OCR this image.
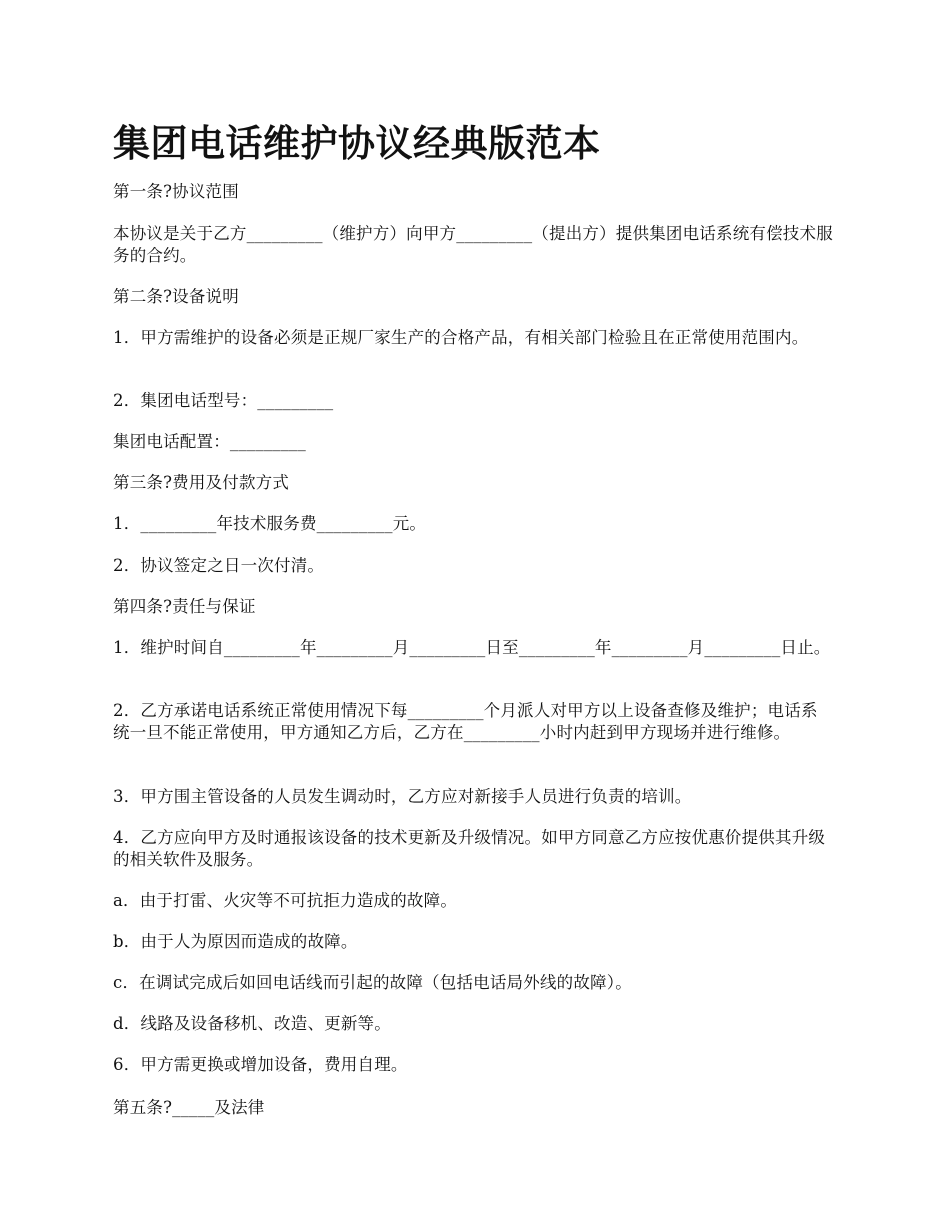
集团电话维护协议经典版范本

第一条?协议范围

本协议是关于乙方_________（维护方）向甲方_________（提出方）提供集团电话系统有偿技术服务的合约。

第二条?设备说明

1．甲方需维护的设备必须是正规厂家生产的合格产品，有相关部门检验且在正常使用范围内。

2．集团电话型号：_________

集团电话配置：_________

第三条?费用及付款方式

1．_________年技术服务费_________元。

2．协议签定之日一次付清。

第四条?责任与保证

1．维护时间自_________年_________月_________日至_________年_________月_________日止。

2．乙方承诺电话系统正常使用情况下每_________个月派人对甲方以上设备查修及维护；电话系统一旦不能正常使用，甲方通知乙方后，乙方在_________小时内赶到甲方现场并进行维修。

3．甲方围主管设备的人员发生调动时，乙方应对新接手人员进行负责的培训。

4．乙方应向甲方及时通报该设备的技术更新及升级情况。如甲方同意乙方应按优惠价提供其升级的相关软件及服务。

a．由于打雷、火灾等不可抗拒力造成的故障。

b．由于人为原因而造成的故障。

c．在调试完成后如回电话线而引起的故障（包括电话局外线的故障）。

d．线路及设备移机、改造、更新等。

6．甲方需更换或增加设备，费用自理。

第五条?_____及法律
